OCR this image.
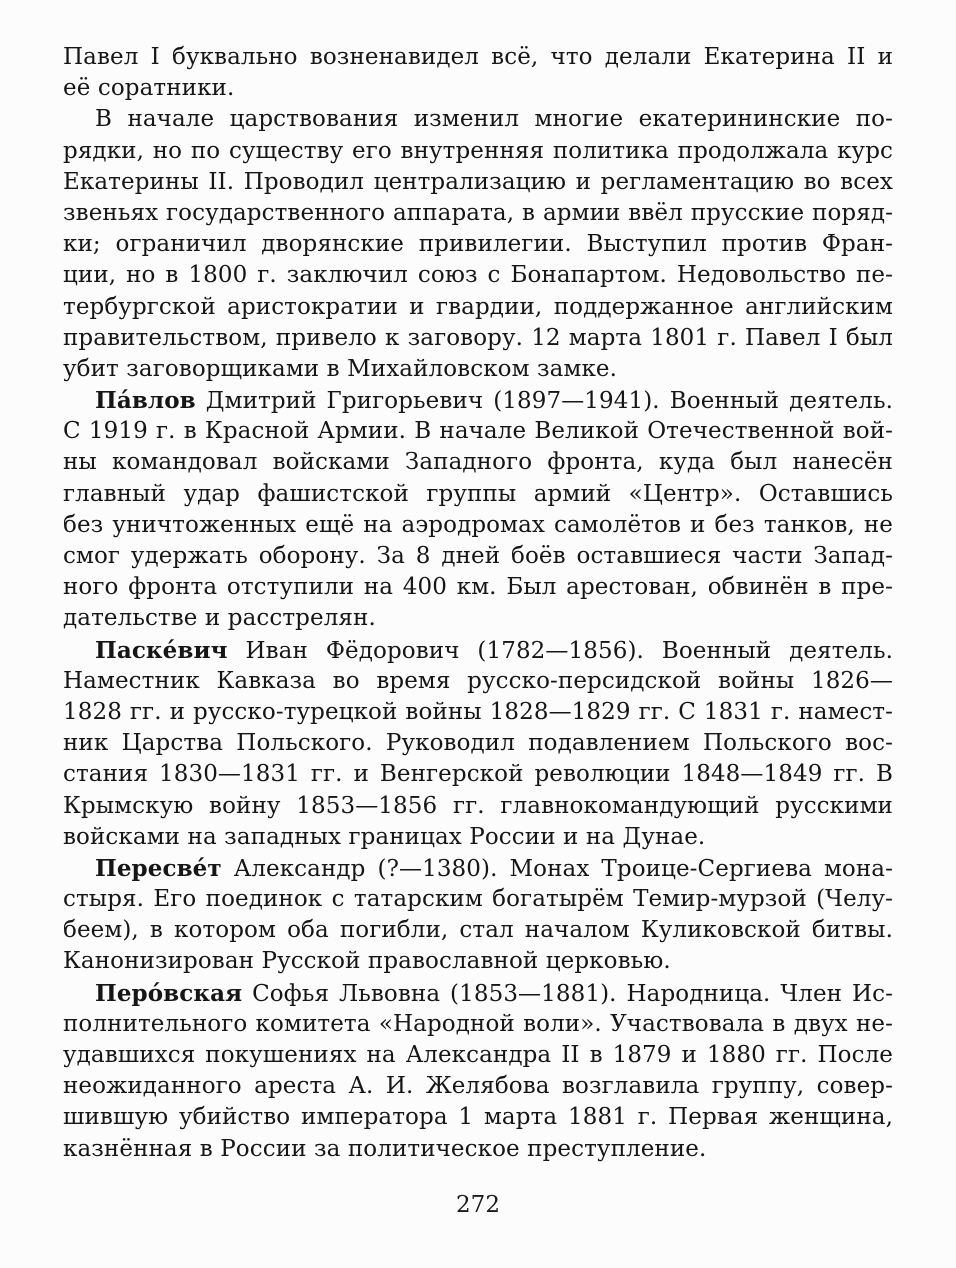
Павел I буквально возненавидел всё, что делали Екатерина II и
её соратники.
В начале царствования изменил многие екатерининские по-
рядки, но по существу его внутренняя политика продолжала курс
Екатерины II. Проводил централизацию и регламентацию во всех
звеньях государственного аппарата, в армии ввёл прусские поряд-
ки; ограничил дворянские привилегии. Выступил против Фран-
ции, но в 1800 г. заключил союз с Бонапартом. Недовольство пе-
тербургской аристократии и гвардии, поддержанное английским
правительством, привело к заговору. 12 марта 1801 г. Павел I был
убит заговорщиками в Михайловском замке.
Па́влов Дмитрий Григорьевич (1897—1941). Военный деятель.
С 1919 г. в Красной Армии. В начале Великой Отечественной вой-
ны командовал войсками Западного фронта, куда был нанесён
главный удар фашистской группы армий «Центр». Оставшись
без уничтоженных ещё на аэродромах самолётов и без танков, не
смог удержать оборону. За 8 дней боёв оставшиеся части Запад-
ного фронта отступили на 400 км. Был арестован, обвинён в пре-
дательстве и расстрелян.
Паске́вич Иван Фёдорович (1782—1856). Военный деятель.
Наместник Кавказа во время русско-персидской войны 1826—
1828 гг. и русско-турецкой войны 1828—1829 гг. С 1831 г. намест-
ник Царства Польского. Руководил подавлением Польского вос-
стания 1830—1831 гг. и Венгерской революции 1848—1849 гг. В
Крымскую войну 1853—1856 гг. главнокомандующий русскими
войсками на западных границах России и на Дунае.
Пересве́т Александр (?—1380). Монах Троице-Сергиева мона-
стыря. Его поединок с татарским богатырём Темир-мурзой (Челу-
беем), в котором оба погибли, стал началом Куликовской битвы.
Канонизирован Русской православной церковью.
Перо́вская Софья Львовна (1853—1881). Народница. Член Ис-
полнительного комитета «Народной воли». Участвовала в двух не-
удавшихся покушениях на Александра II в 1879 и 1880 гг. После
неожиданного ареста А. И. Желябова возглавила группу, совер-
шившую убийство императора 1 марта 1881 г. Первая женщина,
казнённая в России за политическое преступление.
272
